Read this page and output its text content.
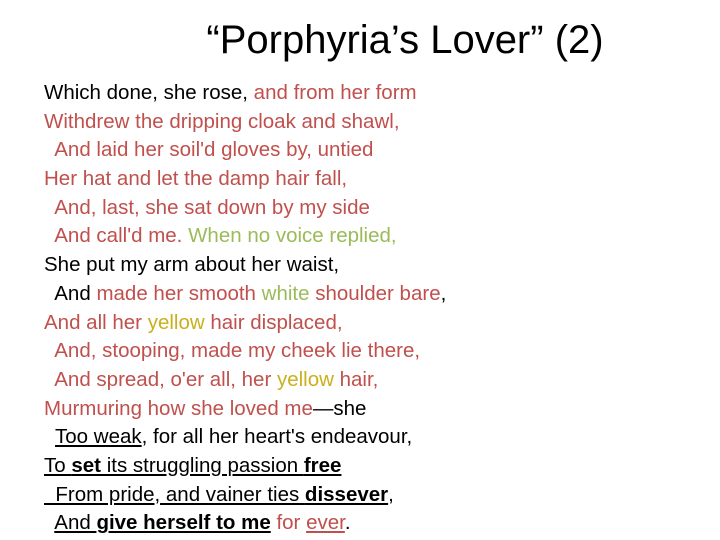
“Porphyria’s Lover” (2)
Which done, she rose, and from her form
Withdrew the dripping cloak and shawl,
And laid her soil'd gloves by, untied
Her hat and let the damp hair fall,
And, last, she sat down by my side
And call'd me. When no voice replied,
She put my arm about her waist,
And made her smooth white shoulder bare,
And all her yellow hair displaced,
And, stooping, made my cheek lie there,
And spread, o'er all, her yellow hair,
Murmuring how she loved me—she
Too weak, for all her heart's endeavour,
To set its struggling passion free
From pride, and vainer ties dissever,
And give herself to me for ever.
